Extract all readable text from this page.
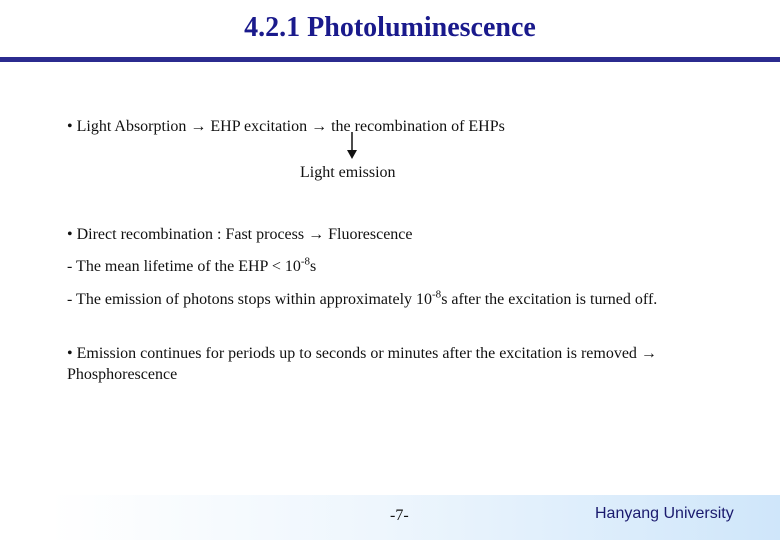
4.2.1 Photoluminescence
• Light Absorption → EHP excitation → the recombination of EHPs
Light emission
• Direct recombination : Fast process → Fluorescence
- The mean lifetime of the EHP < $10^{-8}s$
- The emission of photons stops within approximately $10^{-8}s$ after the excitation is turned off.
• Emission continues for periods up to seconds or minutes after the excitation is removed → Phosphorescence
-7-	Hanyang University
